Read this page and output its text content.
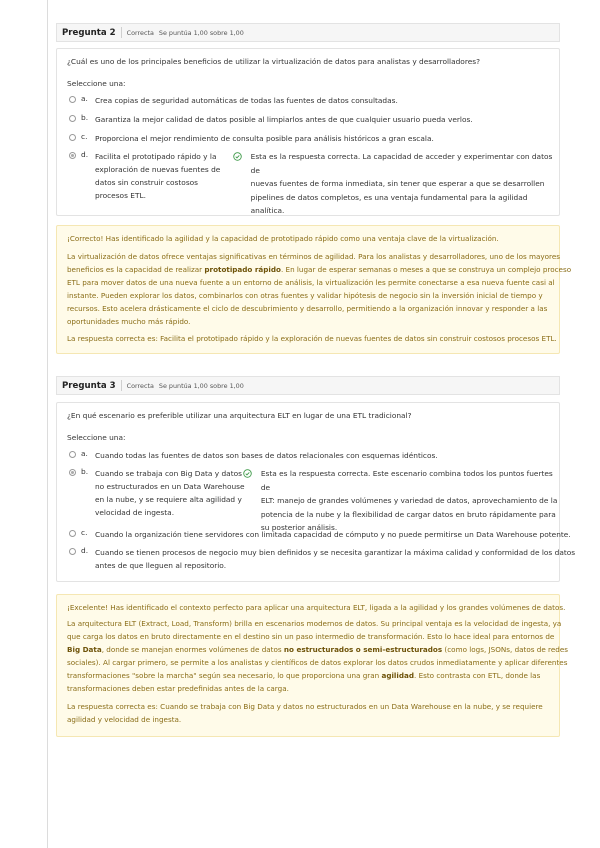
Pregunta 2 Correcta Se puntúa 1,00 sobre 1,00
¿Cuál es uno de los principales beneficios de utilizar la virtualización de datos para analistas y desarrolladores?
Seleccione una:
a. Crea copias de seguridad automáticas de todas las fuentes de datos consultadas.
b. Garantiza la mejor calidad de datos posible al limpiarlos antes de que cualquier usuario pueda verlos.
c.	Proporciona el mejor rendimiento de consulta posible para análisis históricos a gran escala.
d. Facilita el prototipado rápido y la
exploración de nuevas fuentes de
datos sin construir costosos
procesos ETL.
Esta es la respuesta correcta. La capacidad de acceder y experimentar con datos de
nuevas fuentes de forma inmediata, sin tener que esperar a que se desarrollen
pipelines de datos completos, es una ventaja fundamental para la agilidad analítica.
¡Correcto! Has identificado la agilidad y la capacidad de prototipado rápido como una ventaja clave de la virtualización.
La virtualización de datos ofrece ventajas significativas en términos de agilidad. Para los analistas y desarrolladores, uno de los mayores
beneficios es la capacidad de realizar prototipado rápido. En lugar de esperar semanas o meses a que se construya un complejo proceso
ETL para mover datos de una nueva fuente a un entorno de análisis, la virtualización les permite conectarse a esa nueva fuente casi al
instante. Pueden explorar los datos, combinarlos con otras fuentes y validar hipótesis de negocio sin la inversión inicial de tiempo y
recursos. Esto acelera drásticamente el ciclo de descubrimiento y desarrollo, permitiendo a la organización innovar y responder a las
oportunidades mucho más rápido.
La respuesta correcta es: Facilita el prototipado rápido y la exploración de nuevas fuentes de datos sin construir costosos procesos ETL.
Pregunta 3 Correcta Se puntúa 1,00 sobre 1,00
¿En qué escenario es preferible utilizar una arquitectura ELT en lugar de una ETL tradicional?
Seleccione una:
a. Cuando todas las fuentes de datos son bases de datos relacionales con esquemas idénticos.
b. Cuando se trabaja con Big Data y datos
no estructurados en un Data Warehouse
en la nube, y se requiere alta agilidad y
velocidad de ingesta.
Esta es la respuesta correcta. Este escenario combina todos los puntos fuertes de
ELT: manejo de grandes volúmenes y variedad de datos, aprovechamiento de la
potencia de la nube y la flexibilidad de cargar datos en bruto rápidamente para
su posterior análisis.
c.	Cuando la organización tiene servidores con limitada capacidad de cómputo y no puede permitirse un Data Warehouse potente.
d. Cuando se tienen procesos de negocio muy bien definidos y se necesita garantizar la máxima calidad y conformidad de los datos
antes de que lleguen al repositorio.
¡Excelente! Has identificado el contexto perfecto para aplicar una arquitectura ELT, ligada a la agilidad y los grandes volúmenes de datos.
La arquitectura ELT (Extract, Load, Transform) brilla en escenarios modernos de datos. Su principal ventaja es la velocidad de ingesta, ya
que carga los datos en bruto directamente en el destino sin un paso intermedio de transformación. Esto lo hace ideal para entornos de
Big Data, donde se manejan enormes volúmenes de datos no estructurados o semi-estructurados (como logs, JSONs, datos de redes
sociales). Al cargar primero, se permite a los analistas y científicos de datos explorar los datos crudos inmediatamente y aplicar diferentes
transformaciones "sobre la marcha" según sea necesario, lo que proporciona una gran agilidad. Esto contrasta con ETL, donde las
transformaciones deben estar predefinidas antes de la carga.
La respuesta correcta es: Cuando se trabaja con Big Data y datos no estructurados en un Data Warehouse en la nube, y se requiere
agilidad y velocidad de ingesta.
